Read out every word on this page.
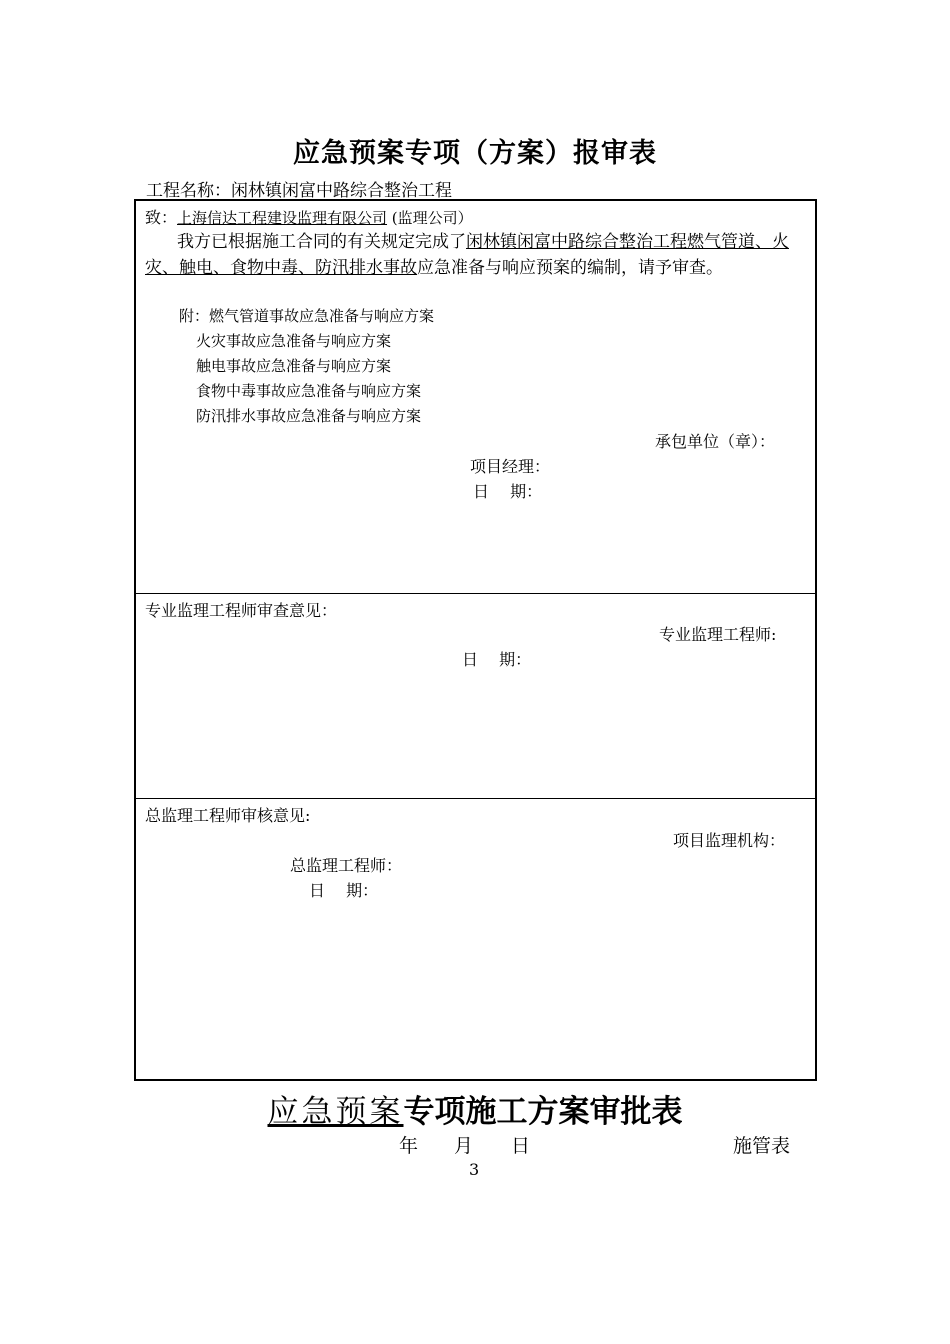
应急预案专项（方案）报审表
工程名称：闲林镇闲富中路综合整治工程
致：上海信达工程建设监理有限公司 (监理公司）
我方已根据施工合同的有关规定完成了闲林镇闲富中路综合整治工程燃气管道、火灾、触电、食物中毒、防汛排水事故应急准备与响应预案的编制，请予审查。
附：燃气管道事故应急准备与响应方案
火灾事故应急准备与响应方案
触电事故应急准备与响应方案
食物中毒事故应急准备与响应方案
防汛排水事故应急准备与响应方案
承包单位（章）：
项目经理：
日　 期：
专业监理工程师审查意见：
专业监理工程师:
日　 期：
总监理工程师审核意见:
项目监理机构：
总监理工程师：
日　 期：
应急预案专项施工方案审批表
年 月 日	施管表
3
